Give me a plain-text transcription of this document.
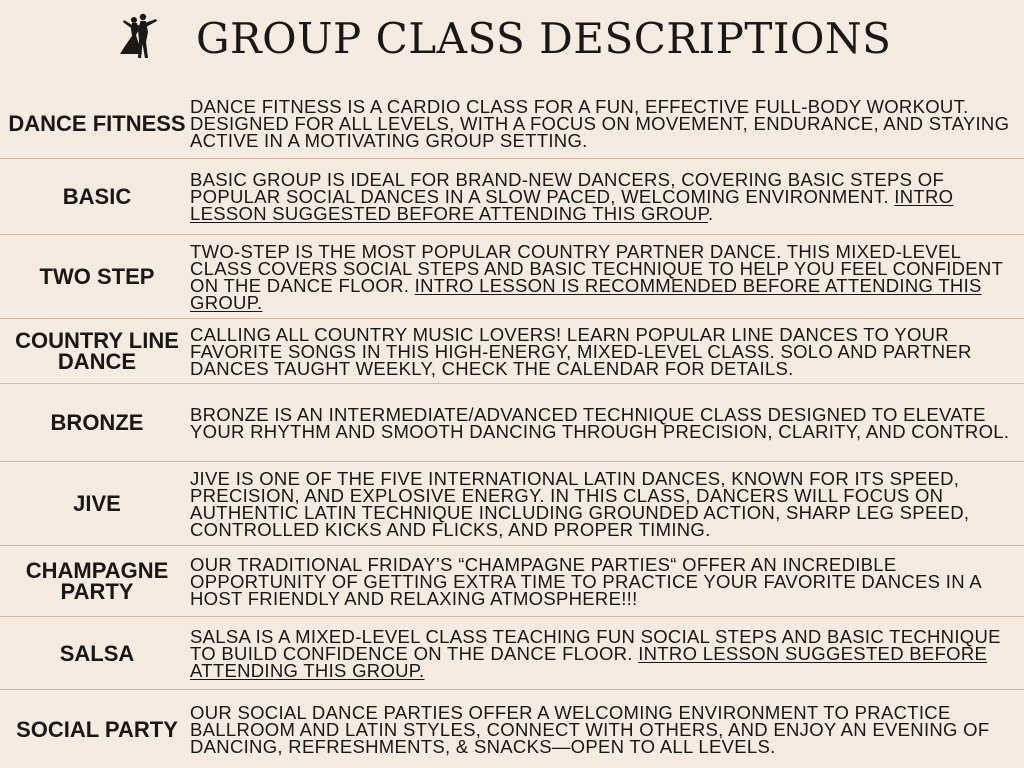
GROUP CLASS DESCRIPTIONS
DANCE FITNESS

DANCE FITNESS IS A CARDIO CLASS FOR A FUN, EFFECTIVE FULL-BODY WORKOUT. DESIGNED FOR ALL LEVELS, WITH A FOCUS ON MOVEMENT, ENDURANCE, AND STAYING ACTIVE IN A MOTIVATING GROUP SETTING.

BASIC

BASIC GROUP IS IDEAL FOR BRAND-NEW DANCERS, COVERING BASIC STEPS OF POPULAR SOCIAL DANCES IN A SLOW PACED, WELCOMING ENVIRONMENT. INTRO LESSON SUGGESTED BEFORE ATTENDING THIS GROUP.

TWO STEP

TWO-STEP IS THE MOST POPULAR COUNTRY PARTNER DANCE. THIS MIXED-LEVEL CLASS COVERS SOCIAL STEPS AND BASIC TECHNIQUE TO HELP YOU FEEL CONFIDENT ON THE DANCE FLOOR. INTRO LESSON IS RECOMMENDED BEFORE ATTENDING THIS GROUP.

COUNTRY LINE DANCE

CALLING ALL COUNTRY MUSIC LOVERS! LEARN POPULAR LINE DANCES TO YOUR FAVORITE SONGS IN THIS HIGH-ENERGY, MIXED-LEVEL CLASS. SOLO AND PARTNER DANCES TAUGHT WEEKLY, CHECK THE CALENDAR FOR DETAILS.

BRONZE	BRONZE IS AN INTERMEDIATE/ADVANCED TECHNIQUE CLASS DESIGNED TO ELEVATE YOUR RHYTHM AND SMOOTH DANCING THROUGH PRECISION, CLARITY, AND CONTROL.

JIVE

JIVE IS ONE OF THE FIVE INTERNATIONAL LATIN DANCES, KNOWN FOR ITS SPEED, PRECISION, AND EXPLOSIVE ENERGY. IN THIS CLASS, DANCERS WILL FOCUS ON AUTHENTIC LATIN TECHNIQUE INCLUDING GROUNDED ACTION, SHARP LEG SPEED, CONTROLLED KICKS AND FLICKS, AND PROPER TIMING.

CHAMPAGNE PARTY

OUR TRADITIONAL FRIDAY’S “CHAMPAGNE PARTIES“ OFFER AN INCREDIBLE OPPORTUNITY OF GETTING EXTRA TIME TO PRACTICE YOUR FAVORITE DANCES IN A HOST FRIENDLY AND RELAXING ATMOSPHERE!!!

SALSA

SALSA IS A MIXED-LEVEL CLASS TEACHING FUN SOCIAL STEPS AND BASIC TECHNIQUE TO BUILD CONFIDENCE ON THE DANCE FLOOR. INTRO LESSON SUGGESTED BEFORE ATTENDING THIS GROUP.

SOCIAL PARTY

OUR SOCIAL DANCE PARTIES OFFER A WELCOMING ENVIRONMENT TO PRACTICE BALLROOM AND LATIN STYLES, CONNECT WITH OTHERS, AND ENJOY AN EVENING OF DANCING, REFRESHMENTS, & SNACKS—OPEN TO ALL LEVELS.
